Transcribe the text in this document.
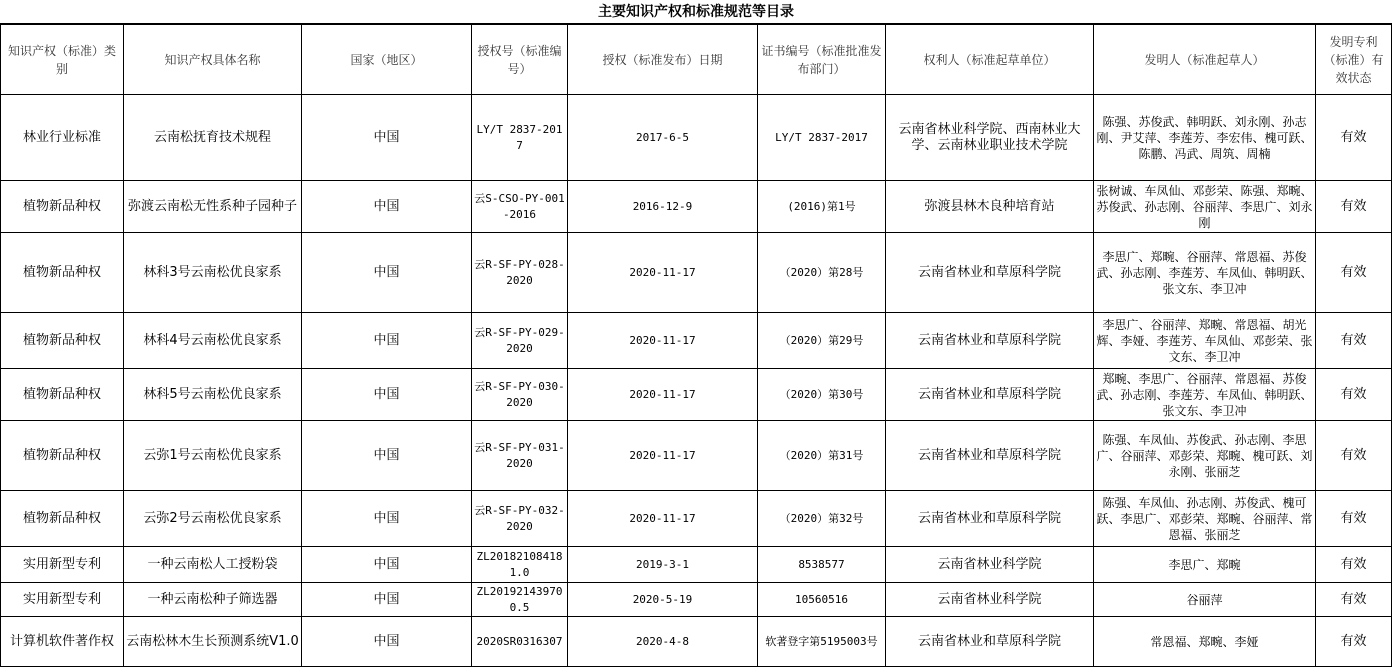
主要知识产权和标准规范等目录
知识产权（标准）类别	知识产权具体名称	国家（地区）	授权号（标准编号）	授权（标准发布）日期	证书编号（标准批准发布部门）	权利人（标准起草单位）	发明人（标准起草人）	发明专利（标准）有效状态
林业行业标准	云南松抚育技术规程	中国	LY/T 2837-2017	2017-6-5	LY/T 2837-2017	云南省林业科学院、西南林业大学、云南林业职业技术学院	陈强、苏俊武、韩明跃、刘永刚、孙志刚、尹艾萍、李莲芳、李宏伟、槐可跃、陈鹏、冯武、周筑、周楠	有效
植物新品种权	弥渡云南松无性系种子园种子	中国	云S-CSO-PY-001-2016	2016-12-9	(2016)第1号	弥渡县林木良种培育站	张树诚、车凤仙、邓彭荣、陈强、郑畹、苏俊武、孙志刚、谷丽萍、李思广、刘永刚	有效
植物新品种权	林科3号云南松优良家系	中国	云R-SF-PY-028-2020	2020-11-17	（2020）第28号	云南省林业和草原科学院	李思广、郑畹、谷丽萍、常恩福、苏俊武、孙志刚、李莲芳、车凤仙、韩明跃、张文东、李卫冲	有效
植物新品种权	林科4号云南松优良家系	中国	云R-SF-PY-029-2020	2020-11-17	（2020）第29号	云南省林业和草原科学院	李思广、谷丽萍、郑畹、常恩福、胡光辉、李娅、李莲芳、车凤仙、邓彭荣、张文东、李卫冲	有效
植物新品种权	林科5号云南松优良家系	中国	云R-SF-PY-030-2020	2020-11-17	（2020）第30号	云南省林业和草原科学院	郑畹、李思广、谷丽萍、常恩福、苏俊武、孙志刚、李莲芳、车凤仙、韩明跃、张文东、李卫冲	有效
植物新品种权	云弥1号云南松优良家系	中国	云R-SF-PY-031-2020	2020-11-17	（2020）第31号	云南省林业和草原科学院	陈强、车凤仙、苏俊武、孙志刚、李思广、谷丽萍、邓彭荣、郑畹、槐可跃、刘永刚、张丽芝	有效
植物新品种权	云弥2号云南松优良家系	中国	云R-SF-PY-032-2020	2020-11-17	（2020）第32号	云南省林业和草原科学院	陈强、车凤仙、孙志刚、苏俊武、槐可跃、李思广、邓彭荣、郑畹、谷丽萍、常恩福、张丽芝	有效
实用新型专利	一种云南松人工授粉袋	中国	ZL201821084181.0	2019-3-1	8538577	云南省林业科学院	李思广、郑畹	有效
实用新型专利	一种云南松种子筛选器	中国	ZL201921439700.5	2020-5-19	10560516	云南省林业科学院	谷丽萍	有效
计算机软件著作权	云南松林木生长预测系统V1.0	中国	2020SR0316307	2020-4-8	软著登字第5195003号	云南省林业和草原科学院	常恩福、郑畹、李娅	有效
